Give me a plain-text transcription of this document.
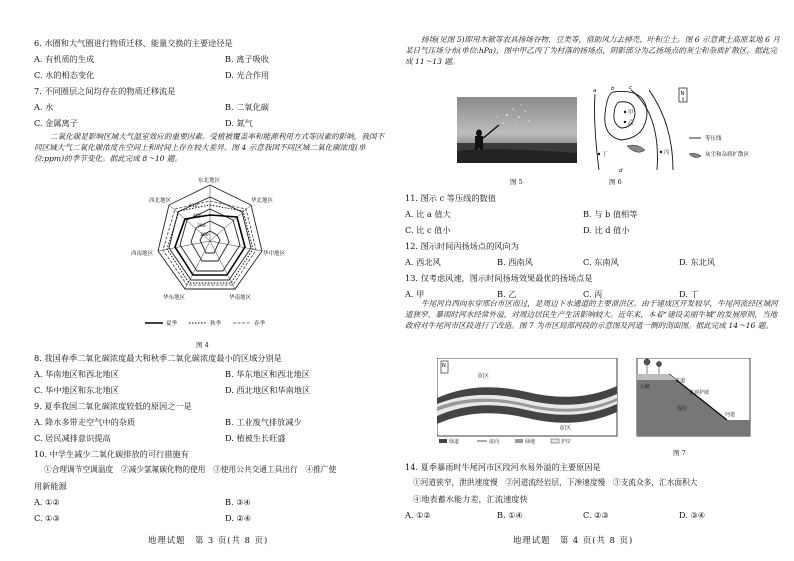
6. 水圈和大气圈进行物质迁移、能量交换的主要途径是
A. 有机质的生成	B. 离子吸收
C. 水的相态变化	D. 光合作用
7. 不同圈层之间均存在的物质迁移流是
A. 水	B. 二氧化碳
C. 金属离子	D. 氮气
二氧化碳是影响区域大气温室效应的重要因素。受植被覆盖率和能源利用方式等因素的影响，我国不同区域大气二氧化碳浓度在空间上和时间上存在较大差异。图 4 示意我国不同区域二氧化碳浓度(单位:ppm)的季节变化。据此完成 8～10 题。
东北地区
华北地区
华中地区
华南地区
西南地区
西北地区
华东地区
410
400
390
380
夏季	秋季	春季
图 4
8. 我国春季二氧化碳浓度最大和秋季二氧化碳浓度最小的区域分别是
A. 华南地区和西北地区	B. 华东地区和西北地区
C. 华中地区和东北地区	D. 西北地区和华南地区
9. 夏季我国二氧化碳浓度较低的原因之一是
A. 降水多带走空气中的杂质	B. 工业废气排放减少
C. 居民减排意识提高	D. 植被生长旺盛
10. 中学生减少二氧化碳排放的可行措施有
①合理调节空调温度　②减少氯氟碳化物的使用　③使用公共交通工具出行　④推广使
用新能源
A. ①②	B. ③④
C. ①③	D. ②④
地理试题　第 3 页(共 8 页)
扬场(见图 5)即用木锨等农具扬场谷物、豆类等，借助风力去掉壳、叶和尘土。图 6 示意黄土高原某地 6 月某日气压场分布(单位:hPa)，图中甲乙丙丁为村落的扬场点，阴影部分为乙扬场点的灰尘和杂质扩散区。据此完成 11～13 题。
图 5
a	b	c
d
甲
乙
丁	丙
N
等压线
灰尘和杂质扩散区
图 6
11. 图示 c 等压线的数值
A. 比 a 值大	B. 与 b 值相等
C. 比 c 值小	D. 比 d 值小
12. 图示时间丙扬场点的风向为
A. 西北风	B. 西南风	C. 东南风	D. 东北风
13. 仅考虑风速，图示时间扬场效果最优的扬场点是
A. 甲	B. 乙	C. 丙	D. 丁
牛尾河自西向东穿邢台市区而过，是周边下水通道的主要泄洪区。由于建成区开发较早，牛尾河流经区域河道狭窄，暴雨时河水经常外溢，对周边居民生产生活影响较大。近年来，本着“建设美丽牛城”的发展原则，当地政府对牛尾河市区段进行了改造。图 7 为市区局部河段的示意图及河道一侧的剖面图。据此完成 14～16 题。
N
市区
市区
绿道	流向	绿地	护岸
公路
步道
景观护坡
堤岸
河道
图 7
14. 夏季暴雨时牛尾河市区段河水易外溢的主要原因是
①河道狭窄，泄洪速度慢　②河道流经岩层，下渗速度慢　③支流众多，汇水面积大
④地表蓄水能力差，汇流速度快
A. ①②	B. ①④	C. ②③	D. ③④
地理试题　第 4 页(共 8 页)
